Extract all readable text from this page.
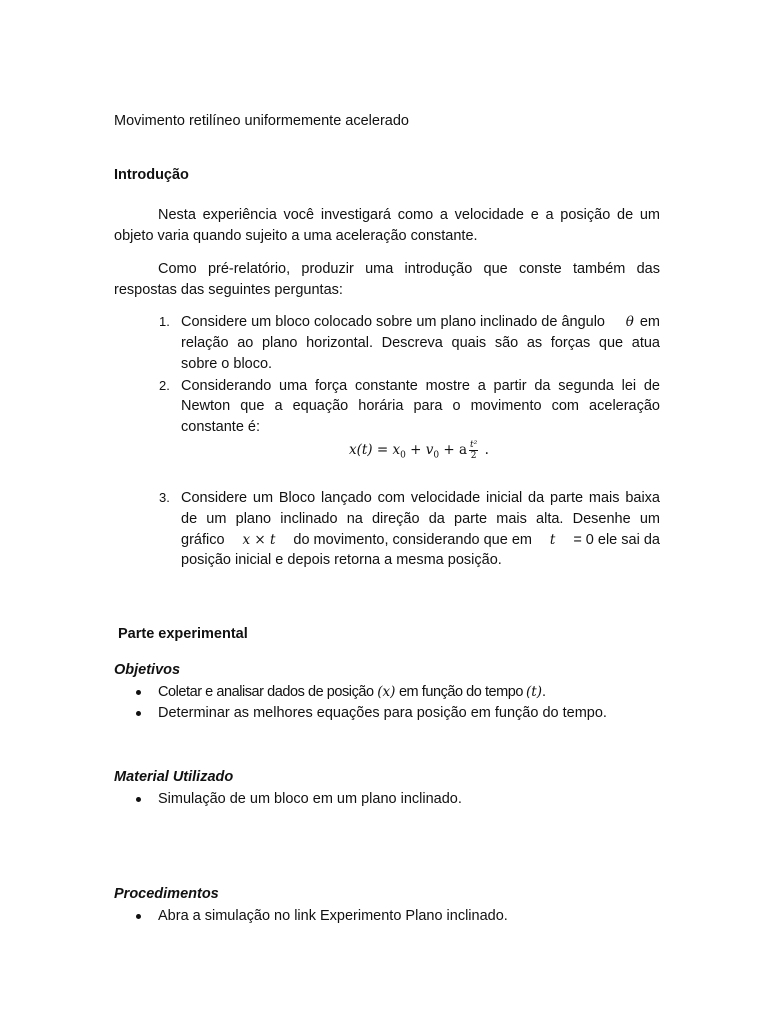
Movimento retilíneo uniformemente acelerado

Introdução

Nesta experiência você investigará como a velocidade e a posição de um

objeto varia quando sujeito a uma aceleração constante.

Como pré-relatório, produzir uma introdução que conste também das

respostas das seguintes perguntas:

1. Considere um bloco colocado sobre um plano inclinado de ângulo θ em

relação ao plano horizontal. Descreva quais são as forças que atua

sobre o bloco.

2. Considerando uma força constante mostre a partir da segunda lei de

Newton que a equação horária para o movimento com aceleração

constante é:

$x(t) = x_0 + v_0 + a \frac{\text{t²}}{2}$ .
3. Considere um Bloco lançado com velocidade inicial da parte mais baixa

de um plano inclinado na direção da parte mais alta. Desenhe um

gráfico x × t do movimento, considerando que em t = 0 ele sai da

posição inicial e depois retorna a mesma posição.

Parte experimental

Objetivos

Coletar e analisar dados de posição (x) em função do tempo (t).

Determinar as melhores equações para posição em função do tempo.

Material Utilizado

Simulação de um bloco em um plano inclinado.

Procedimentos

Abra a simulação no link Experimento Plano inclinado.
